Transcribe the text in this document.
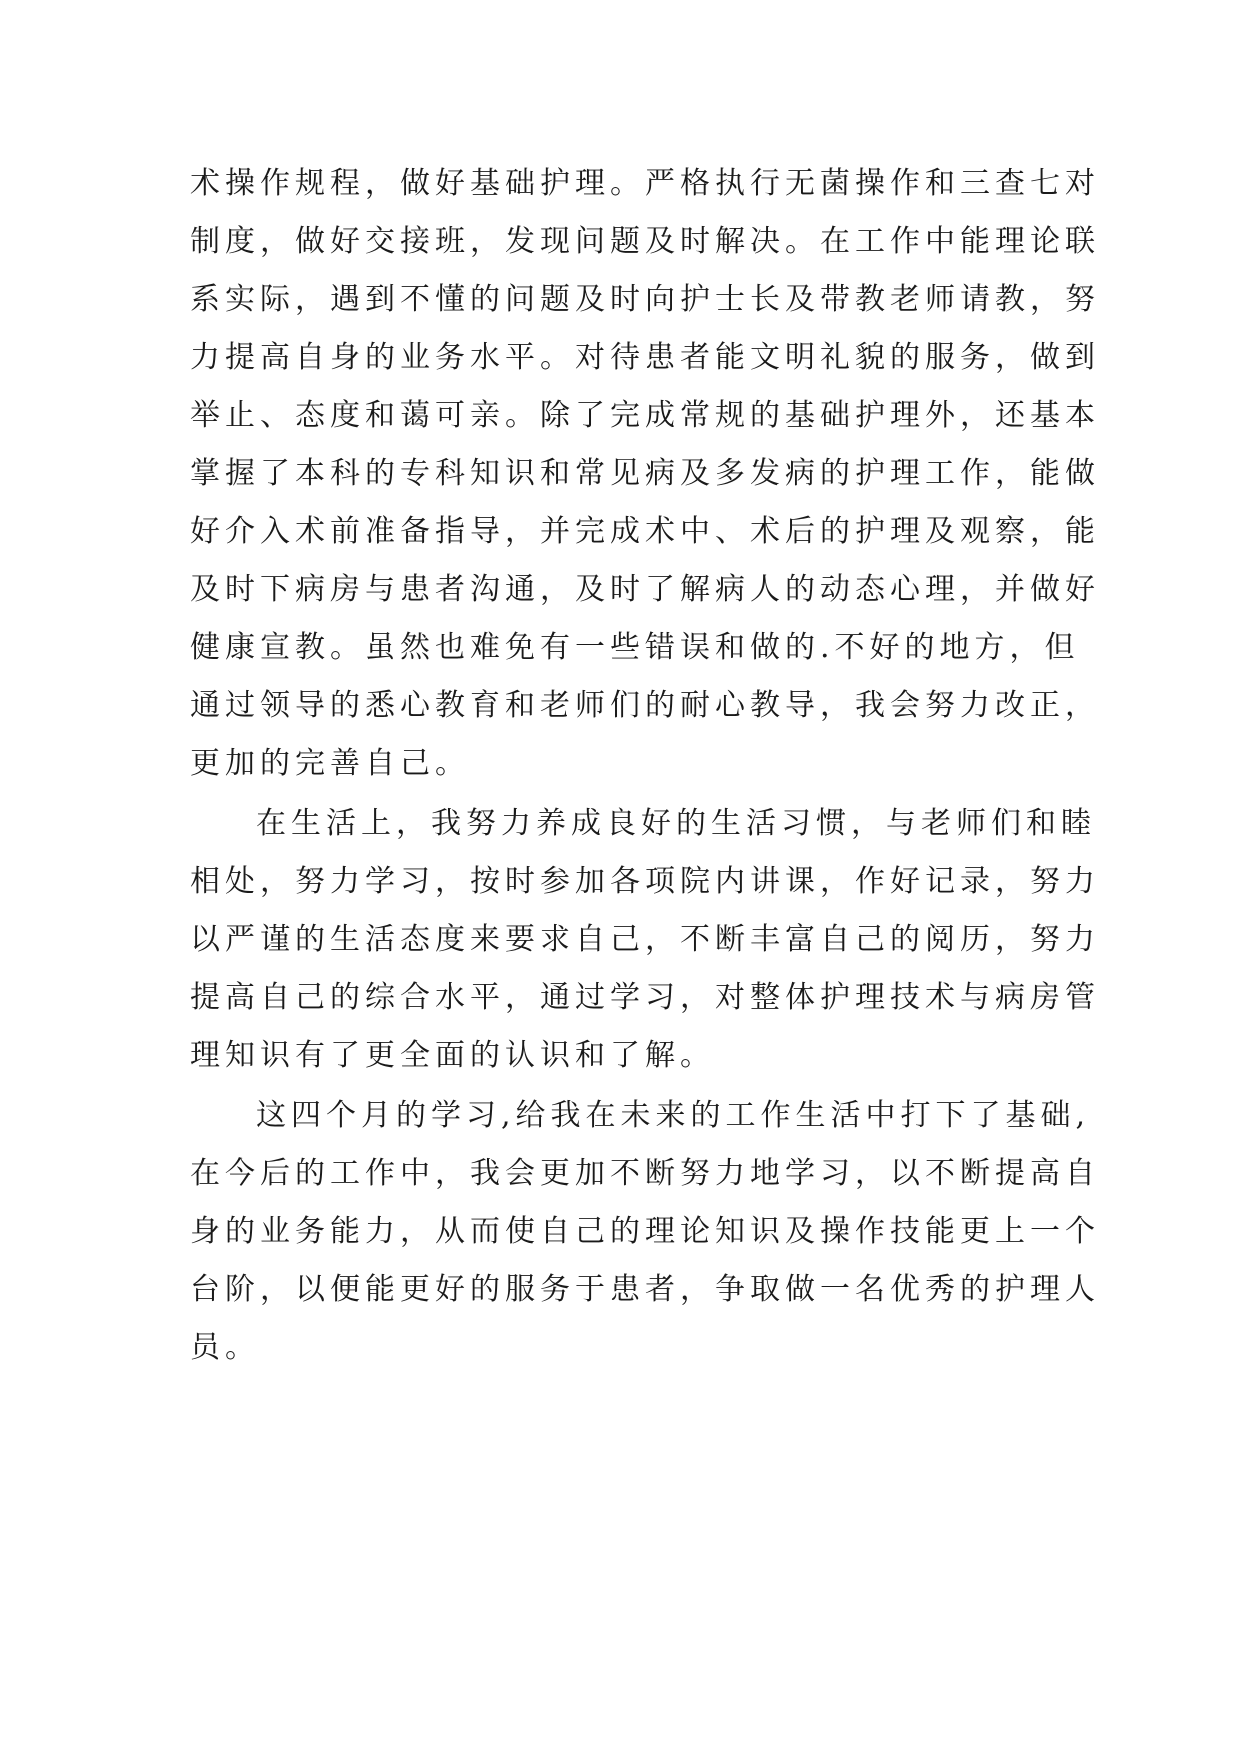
术操作规程，做好基础护理。严格执行无菌操作和三查七对
制度，做好交接班，发现问题及时解决。在工作中能理论联
系实际，遇到不懂的问题及时向护士长及带教老师请教，努
力提高自身的业务水平。对待患者能文明礼貌的服务，做到
举止、态度和蔼可亲。除了完成常规的基础护理外，还基本
掌握了本科的专科知识和常见病及多发病的护理工作，能做
好介入术前准备指导，并完成术中、术后的护理及观察，能
及时下病房与患者沟通，及时了解病人的动态心理，并做好
健康宣教。虽然也难免有一些错误和做的.不好的地方，但
通过领导的悉心教育和老师们的耐心教导，我会努力改正，
更加的完善自己。
在生活上，我努力养成良好的生活习惯，与老师们和睦
相处，努力学习，按时参加各项院内讲课，作好记录，努力
以严谨的生活态度来要求自己，不断丰富自己的阅历，努力
提高自己的综合水平，通过学习，对整体护理技术与病房管
理知识有了更全面的认识和了解。
这四个月的学习,给我在未来的工作生活中打下了基础,
在今后的工作中，我会更加不断努力地学习，以不断提高自
身的业务能力，从而使自己的理论知识及操作技能更上一个
台阶，以便能更好的服务于患者，争取做一名优秀的护理人
员。
